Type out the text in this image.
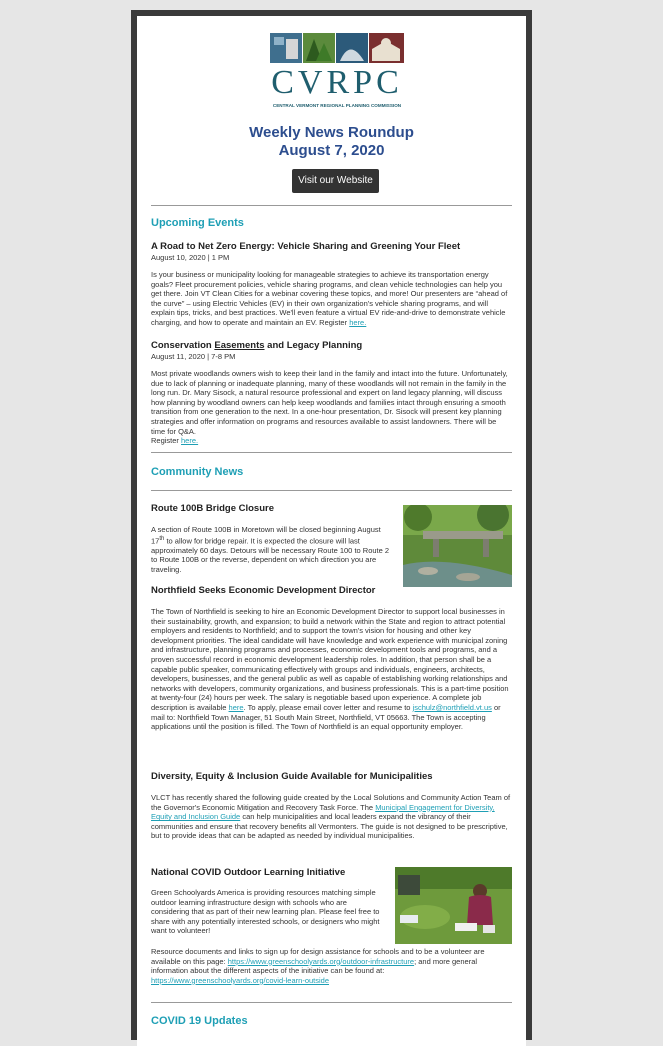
CVRPC
CENTRAL VERMONT REGIONAL PLANNING COMMISSION
Weekly News Roundup
August 7, 2020
Visit our Website
Upcoming Events
A Road to Net Zero Energy: Vehicle Sharing and Greening Your Fleet
August 10, 2020 | 1 PM
Is your business or municipality looking for manageable strategies to achieve its transportation energy goals? Fleet procurement policies, vehicle sharing programs, and clean vehicle technologies can help you get there. Join VT Clean Cities for a webinar covering these topics, and more! Our presenters are “ahead of the curve” – using Electric Vehicles (EV) in their own organization's vehicle sharing programs, and will explain tips, tricks, and best practices. We'll even feature a virtual EV ride-and-drive to demonstrate vehicle charging, and how to operate and maintain an EV. Register here.
Conservation Easements and Legacy Planning
August 11, 2020 | 7-8 PM
Most private woodlands owners wish to keep their land in the family and intact into the future. Unfortunately, due to lack of planning or inadequate planning, many of these woodlands will not remain in the family in the long run. Dr. Mary Sisock, a natural resource professional and expert on land legacy planning, will discuss how planning by woodland owners can help keep woodlands and families intact through ensuring a smooth transition from one generation to the next. In a one-hour presentation, Dr. Sisock will present key planning strategies and offer information on programs and resources available to assist landowners. There will be time for Q&A.
Register here.
Community News
Route 100B Bridge Closure
A section of Route 100B in Moretown will be closed beginning August 17th to allow for bridge repair. It is expected the closure will last approximately 60 days. Detours will be necessary Route 100 to Route 2 to Route 100B or the reverse, dependent on which direction you are traveling.
Northfield Seeks Economic Development Director
The Town of Northfield is seeking to hire an Economic Development Director to support local businesses in their sustainability, growth, and expansion; to build a network within the State and region to attract potential employers and residents to Northfield; and to support the town's vision for housing and other key development priorities. The ideal candidate will have knowledge and work experience with municipal zoning and infrastructure, planning programs and processes, economic development tools and programs, and a proven successful record in economic development leadership roles. In addition, that person shall be a capable public speaker, communicating effectively with groups and individuals, engineers, architects, developers, businesses, and the general public as well as capable of establishing working relationships and networks with developers, community organizations, and business professionals. This is a part-time position at twenty-four (24) hours per week. The salary is negotiable based upon experience. A complete job description is available here. To apply, please email cover letter and resume to jschulz@northfield.vt.us or mail to: Northfield Town Manager, 51 South Main Street, Northfield, VT 05663. The Town is accepting applications until the position is filled. The Town of Northfield is an equal opportunity employer.
Diversity, Equity & Inclusion Guide Available for Municipalities
VLCT has recently shared the following guide created by the Local Solutions and Community Action Team of the Governor's Economic Mitigation and Recovery Task Force. The Municipal Engagement for Diversity, Equity and Inclusion Guide can help municipalities and local leaders expand the vibrancy of their communities and ensure that recovery benefits all Vermonters. The guide is not designed to be prescriptive, but to provide ideas that can be adapted as needed by individual municipalities.
National COVID Outdoor Learning Initiative
Green Schoolyards America is providing resources matching simple outdoor learning infrastructure design with schools who are considering that as part of their new learning plan. Please feel free to share with any potentially interested schools, or designers who might want to volunteer!
Resource documents and links to sign up for design assistance for schools and to be a volunteer are available on this page: https://www.greenschoolyards.org/outdoor-infrastructure; and more general information about the different aspects of the initiative can be found at: https://www.greenschoolyards.org/covid-learn-outside
COVID 19 Updates
